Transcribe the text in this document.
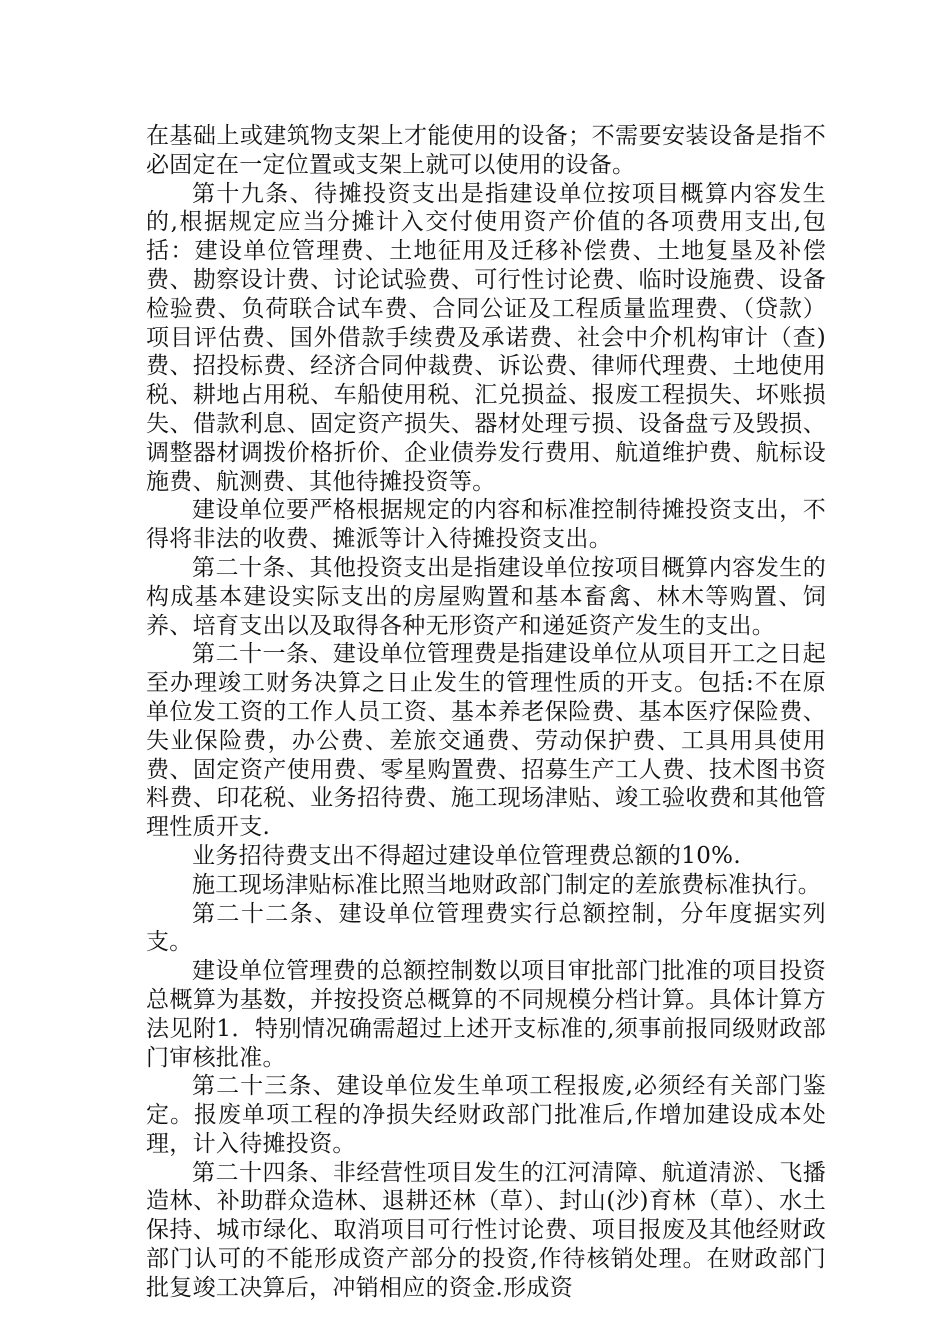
在基础上或建筑物支架上才能使用的设备；不需要安装设备是指不必固定在一定位置或支架上就可以使用的设备。

第十九条、待摊投资支出是指建设单位按项目概算内容发生的,根据规定应当分摊计入交付使用资产价值的各项费用支出,包括：建设单位管理费、土地征用及迁移补偿费、土地复垦及补偿费、勘察设计费、讨论试验费、可行性讨论费、临时设施费、设备检验费、负荷联合试车费、合同公证及工程质量监理费、（贷款）项目评估费、国外借款手续费及承诺费、社会中介机构审计（查)费、招投标费、经济合同仲裁费、诉讼费、律师代理费、土地使用税、耕地占用税、车船使用税、汇兑损益、报废工程损失、坏账损失、借款利息、固定资产损失、器材处理亏损、设备盘亏及毁损、调整器材调拨价格折价、企业债券发行费用、航道维护费、航标设施费、航测费、其他待摊投资等。

建设单位要严格根据规定的内容和标准控制待摊投资支出，不得将非法的收费、摊派等计入待摊投资支出。

第二十条、其他投资支出是指建设单位按项目概算内容发生的构成基本建设实际支出的房屋购置和基本畜禽、林木等购置、饲养、培育支出以及取得各种无形资产和递延资产发生的支出。

第二十一条、建设单位管理费是指建设单位从项目开工之日起至办理竣工财务决算之日止发生的管理性质的开支。包括:不在原单位发工资的工作人员工资、基本养老保险费、基本医疗保险费、失业保险费，办公费、差旅交通费、劳动保护费、工具用具使用费、固定资产使用费、零星购置费、招募生产工人费、技术图书资料费、印花税、业务招待费、施工现场津贴、竣工验收费和其他管理性质开支.

业务招待费支出不得超过建设单位管理费总额的10%.

施工现场津贴标准比照当地财政部门制定的差旅费标准执行。

第二十二条、建设单位管理费实行总额控制，分年度据实列支。

建设单位管理费的总额控制数以项目审批部门批准的项目投资总概算为基数，并按投资总概算的不同规模分档计算。具体计算方法见附1．特别情况确需超过上述开支标准的,须事前报同级财政部门审核批准。

第二十三条、建设单位发生单项工程报废,必须经有关部门鉴定。报废单项工程的净损失经财政部门批准后,作增加建设成本处理，计入待摊投资。

第二十四条、非经营性项目发生的江河清障、航道清淤、飞播造林、补助群众造林、退耕还林（草）、封山(沙)育林（草）、水土保持、城市绿化、取消项目可行性讨论费、项目报废及其他经财政部门认可的不能形成资产部分的投资,作待核销处理。在财政部门批复竣工决算后，冲销相应的资金.形成资
